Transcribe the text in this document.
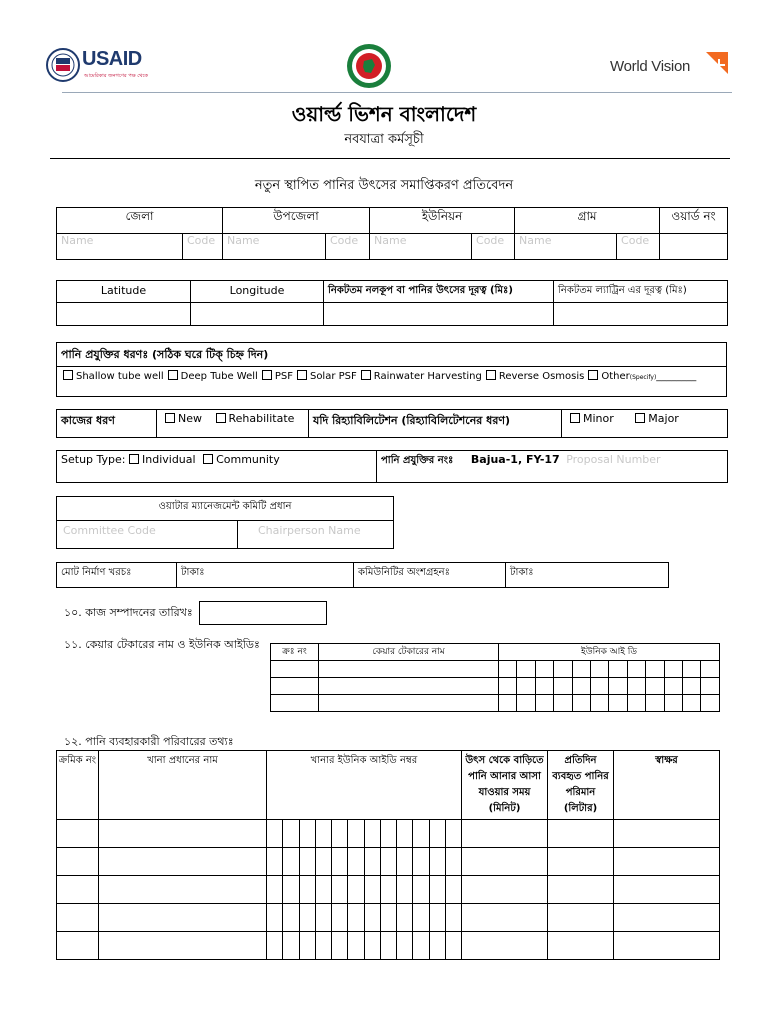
USAID
আমেরিকার জনগণের পক্ষ থেকে
World Vision
ওয়ার্ল্ড ভিশন বাংলাদেশ
নবযাত্রা কর্মসূচী
নতুন স্থাপিত পানির উৎসের সমাপ্তিকরণ প্রতিবেদন
জেলা		উপজেলা		ইউনিয়ন		গ্রাম		ওয়ার্ড নং
Name	Code	Name	Code	Name	Code	Name	Code	
Latitude	Longitude	নিকটতম নলকূপ বা পানির উৎসের দূরত্ব (মিঃ)	নিকটতম ল্যাট্রিন এর দূরত্ব (মিঃ)

পানি প্রযুক্তির ধরণঃ (সঠিক ঘরে টিক্ চিহ্ন দিন)
Shallow tube well Deep Tube Well PSF Solar PSF Rainwater Harvesting Reverse Osmosis Other(Specify)________
কাজের ধরণ	New Rehabilitate	যদি রিহ্যাবিলিটেশন (রিহ্যাবিলিটেশনের ধরণ)	Minor	Major
Setup Type: Individual Community	পানি প্রযুক্তির নংঃ Bajua-1, FY-17 Proposal Number
ওয়াটার ম্যানেজমেন্ট কমিটি প্রধান
Committee Code	Chairperson Name
মোট নির্মাণ খরচঃ	টাকাঃ	কমিউনিটির অংশগ্রহনঃ	টাকাঃ
১০. কাজ সম্পাদনের তারিখঃ
১১. কেয়ার টেকারের নাম ও ইউনিক আইডিঃ
ক্রঃ নং	কেয়ার টেকারের নাম	ইউনিক আই ডি											

১২. পানি ব্যবহারকারী পরিবারের তথ্যঃ
ক্রমিক নং	খানা প্রধানের নাম	খানার ইউনিক আইডি নম্বর												উৎস থেকে বাড়িতে পানি আনার আসা যাওয়ার সময় (মিনিট)	প্রতিদিন ব্যবহৃত পানির পরিমান (লিটার)	স্বাক্ষর
